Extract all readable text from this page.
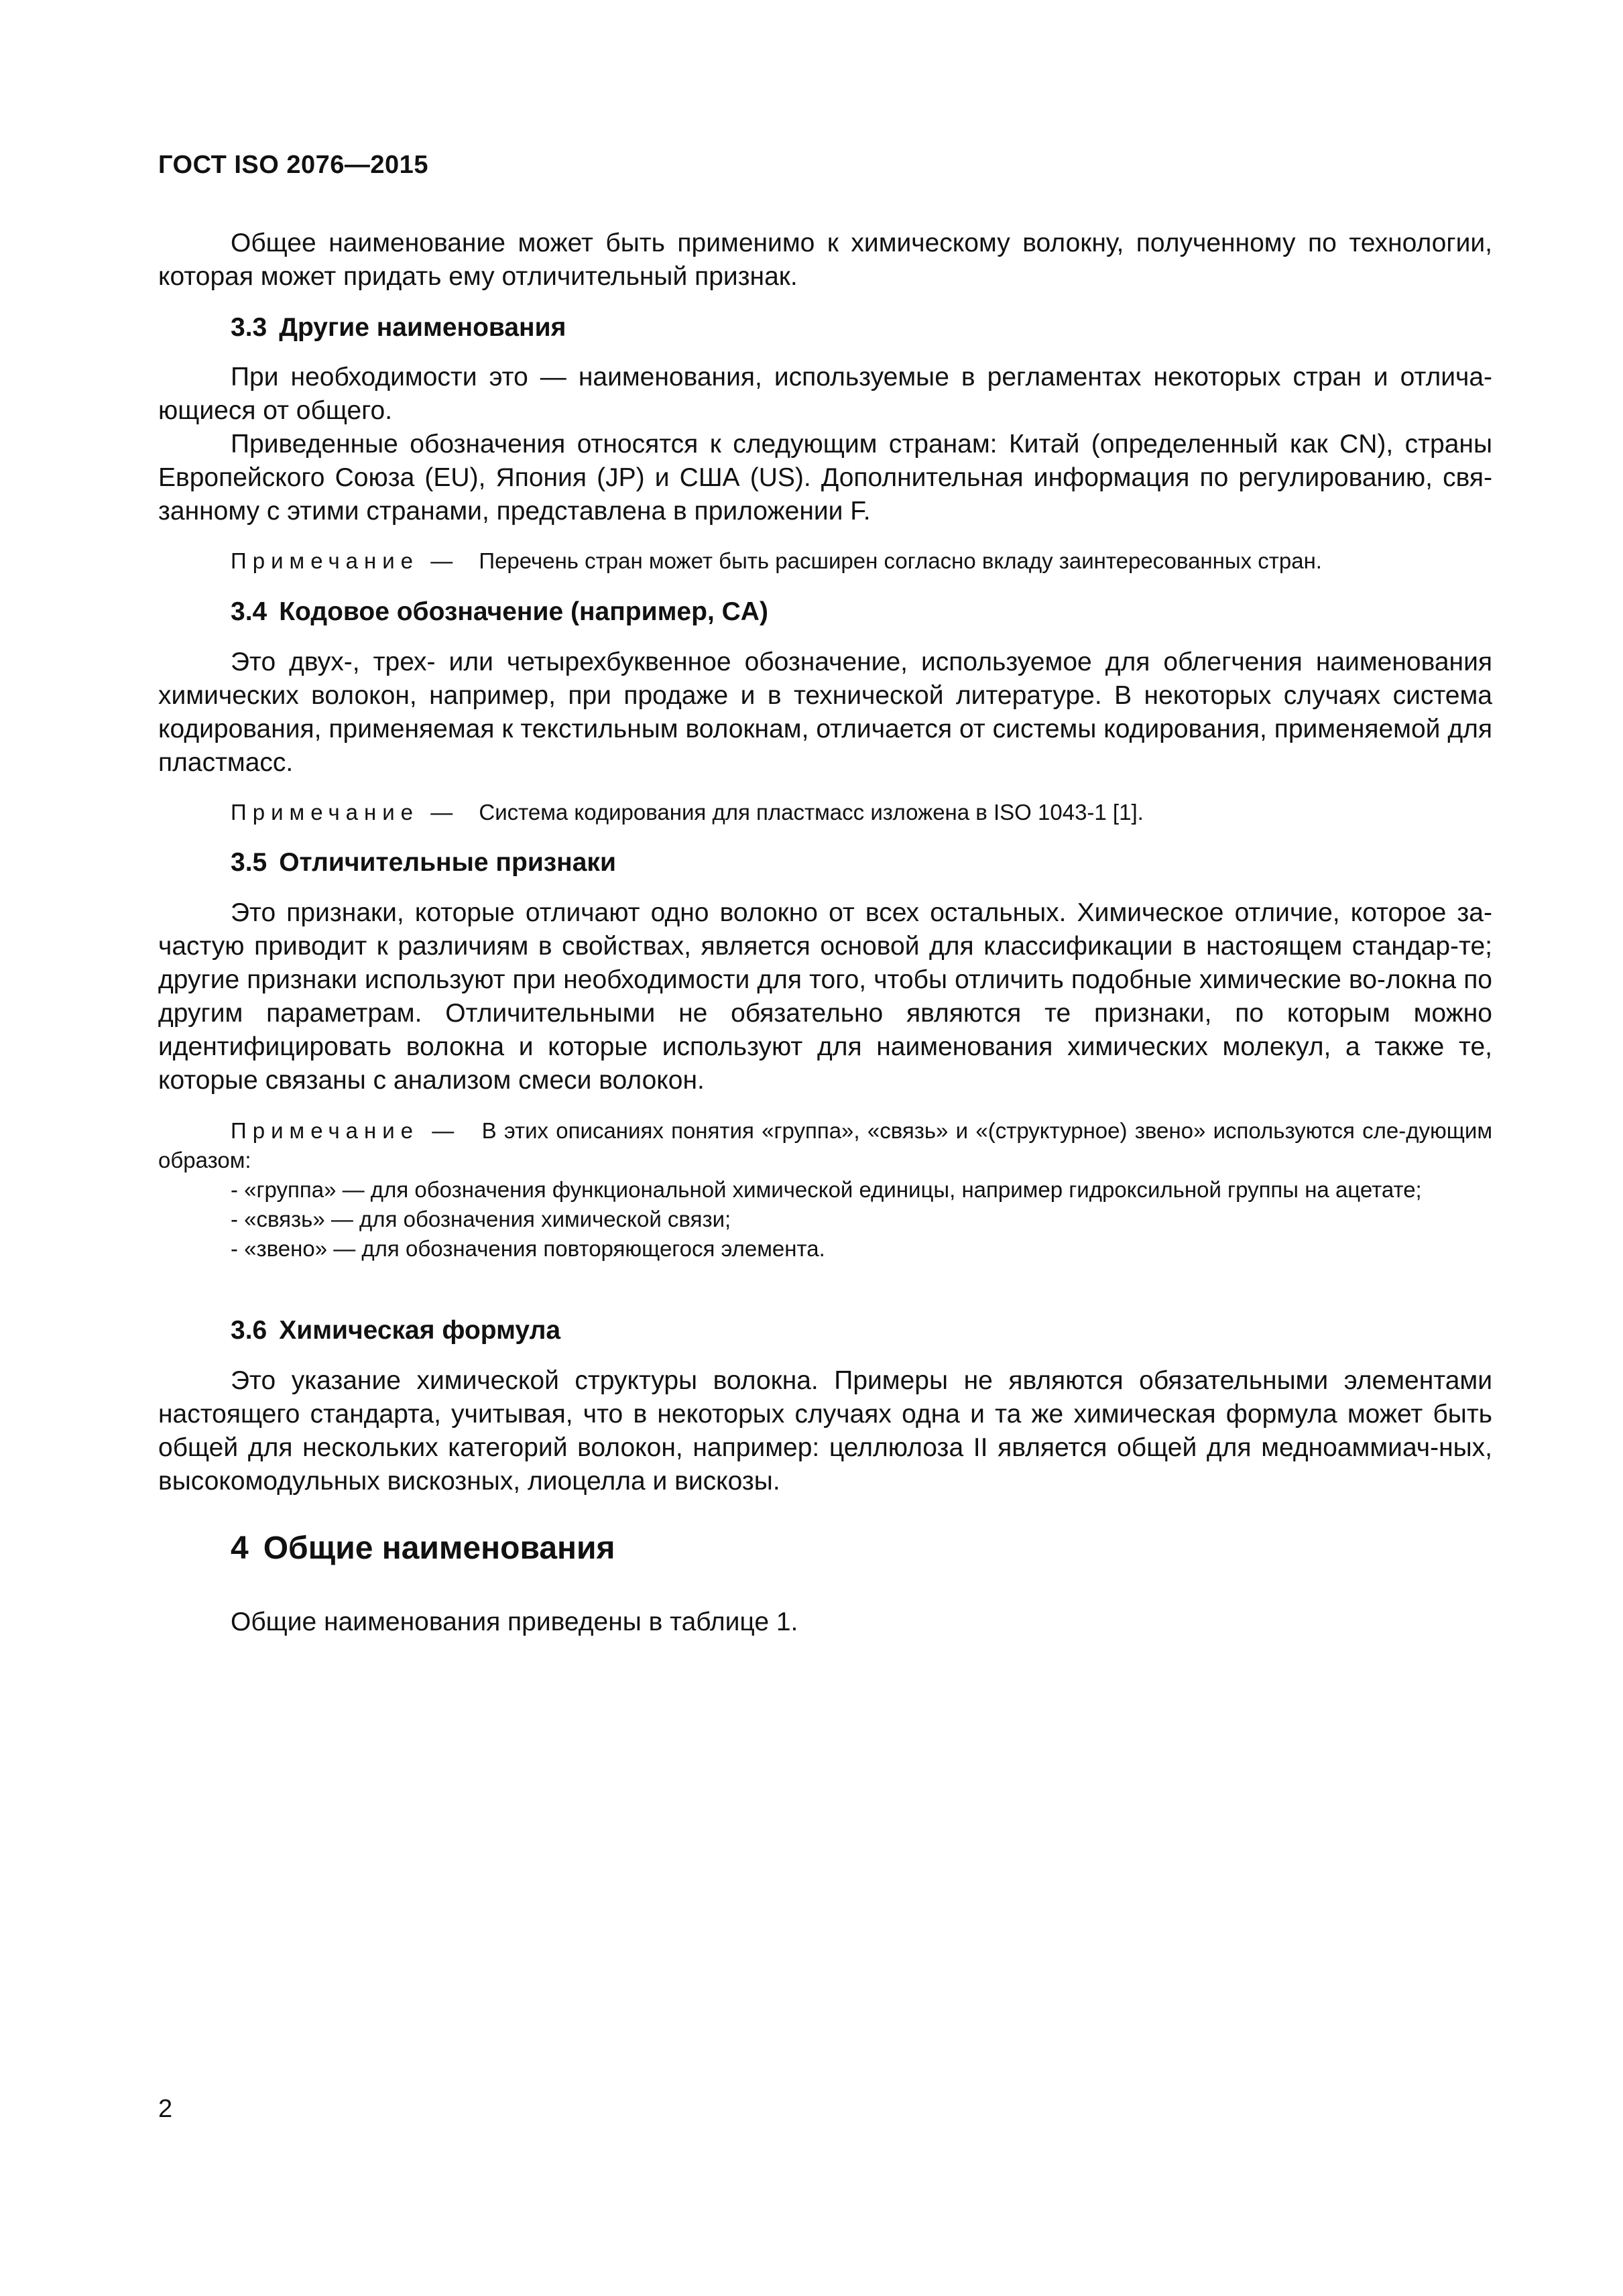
ГОСТ ISO 2076—2015

Общее наименование может быть применимо к химическому волокну, полученному по технологии, которая может придать ему отличительный признак.

3.3 Другие наименования

При необходимости это — наименования, используемые в регламентах некоторых стран и отлича-ющиеся от общего.

Приведенные обозначения относятся к следующим странам: Китай (определенный как CN), страны Европейского Союза (EU), Япония (JP) и США (US). Дополнительная информация по регулированию, свя-занному с этими странами, представлена в приложении F.

Примечание — Перечень стран может быть расширен согласно вкладу заинтересованных стран.

3.4 Кодовое обозначение (например, CA)

Это двух-, трех- или четырехбуквенное обозначение, используемое для облегчения наименования химических волокон, например, при продаже и в технической литературе. В некоторых случаях система кодирования, применяемая к текстильным волокнам, отличается от системы кодирования, применяемой для пластмасс.

Примечание — Система кодирования для пластмасс изложена в ISO 1043-1 [1].

3.5 Отличительные признаки

Это признаки, которые отличают одно волокно от всех остальных. Химическое отличие, которое за-частую приводит к различиям в свойствах, является основой для классификации в настоящем стандар-те; другие признаки используют при необходимости для того, чтобы отличить подобные химические во-локна по другим параметрам. Отличительными не обязательно являются те признаки, по которым можно идентифицировать волокна и которые используют для наименования химических молекул, а также те, которые связаны с анализом смеси волокон.

Примечание — В этих описаниях понятия «группа», «связь» и «(структурное) звено» используются сле-дующим образом:

- «группа» — для обозначения функциональной химической единицы, например гидроксильной группы на ацетате;
- «связь» — для обозначения химической связи;
- «звено» — для обозначения повторяющегося элемента.
3.6 Химическая формула

Это указание химической структуры волокна. Примеры не являются обязательными элементами настоящего стандарта, учитывая, что в некоторых случаях одна и та же химическая формула может быть общей для нескольких категорий волокон, например: целлюлоза II является общей для медноаммиач-ных, высокомодульных вискозных, лиоцелла и вискозы.

4 Общие наименования

Общие наименования приведены в таблице 1.

2
